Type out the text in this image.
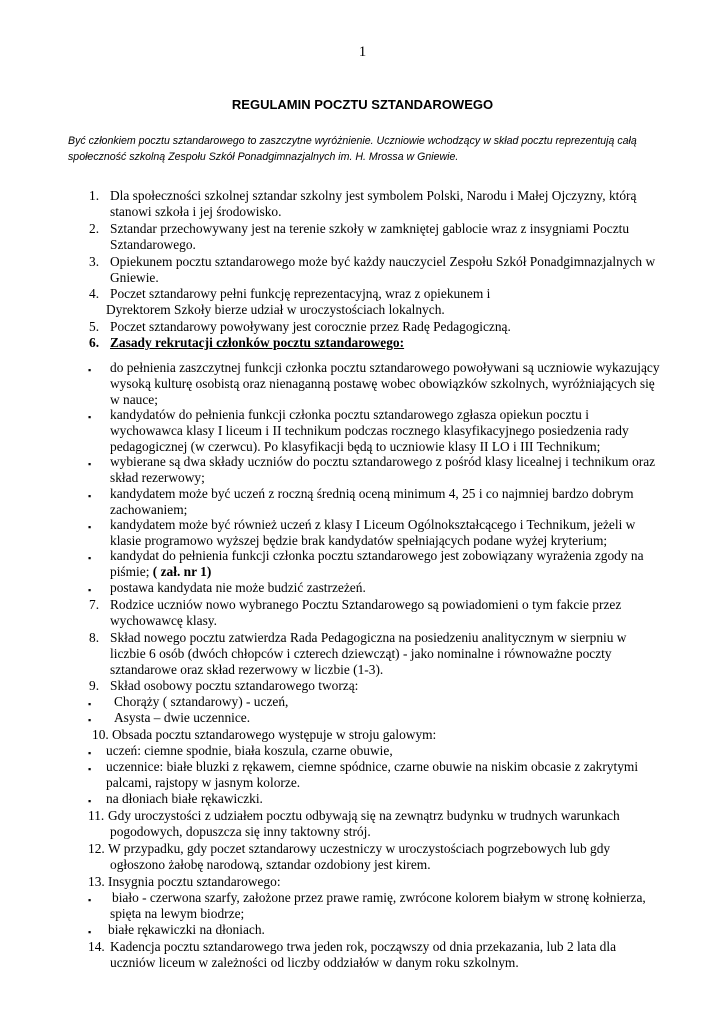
1
REGULAMIN POCZTU SZTANDAROWEGO
Być członkiem pocztu sztandarowego to zaszczytne wyróżnienie. Uczniowie wchodzący w skład pocztu reprezentują całą
społeczność szkolną Zespołu Szkół Ponadgimnazjalnych im. H. Mrossa w Gniewie.
1. Dla społeczności szkolnej sztandar szkolny jest symbolem Polski, Narodu i Małej Ojczyzny, którą
stanowi szkoła i jej środowisko.
2. Sztandar przechowywany jest na terenie szkoły w zamkniętej gablocie wraz z insygniami Pocztu
Sztandarowego.
3. Opiekunem pocztu sztandarowego może być każdy nauczyciel Zespołu Szkół Ponadgimnazjalnych w
Gniewie.
4. Poczet sztandarowy pełni funkcję reprezentacyjną, wraz z opiekunem i
Dyrektorem Szkoły bierze udział w uroczystościach lokalnych.
5. Poczet sztandarowy powoływany jest corocznie przez Radę Pedagogiczną.
6. Zasady rekrutacji członków pocztu sztandarowego:
▪ do pełnienia zaszczytnej funkcji członka pocztu sztandarowego powoływani są uczniowie wykazujący
wysoką kulturę osobistą oraz nienaganną postawę wobec obowiązków szkolnych, wyróżniających się
w nauce;
▪ kandydatów do pełnienia funkcji członka pocztu sztandarowego zgłasza opiekun pocztu i
wychowawca klasy I liceum i II technikum podczas rocznego klasyfikacyjnego posiedzenia rady
pedagogicznej (w czerwcu). Po klasyfikacji będą to uczniowie klasy II LO i III Technikum;
▪ wybierane są dwa składy uczniów do pocztu sztandarowego z pośród klasy licealnej i technikum oraz
skład rezerwowy;
▪ kandydatem może być uczeń z roczną średnią oceną minimum 4, 25 i co najmniej bardzo dobrym
zachowaniem;
▪ kandydatem może być również uczeń z klasy I Liceum Ogólnokształcącego i Technikum, jeżeli w
klasie programowo wyższej będzie brak kandydatów spełniających podane wyżej kryterium;
▪ kandydat do pełnienia funkcji członka pocztu sztandarowego jest zobowiązany wyrażenia zgody na
piśmie; ( zał. nr 1)
▪ postawa kandydata nie może budzić zastrzeżeń.
7. Rodzice uczniów nowo wybranego Pocztu Sztandarowego są powiadomieni o tym fakcie przez
wychowawcę klasy.
8. Skład nowego pocztu zatwierdza Rada Pedagogiczna na posiedzeniu analitycznym w sierpniu w
liczbie 6 osób (dwóch chłopców i czterech dziewcząt) - jako nominalne i równoważne poczty
sztandarowe oraz skład rezerwowy w liczbie (1-3).
9. Skład osobowy pocztu sztandarowego tworzą:
▪ Chorąży ( sztandarowy) - uczeń,
▪ Asysta – dwie uczennice.
10. Obsada pocztu sztandarowego występuje w stroju galowym:
▪ uczeń: ciemne spodnie, biała koszula, czarne obuwie,
▪ uczennice: białe bluzki z rękawem, ciemne spódnice, czarne obuwie na niskim obcasie z zakrytymi
palcami, rajstopy w jasnym kolorze.
▪ na dłoniach białe rękawiczki.
11. Gdy uroczystości z udziałem pocztu odbywają się na zewnątrz budynku w trudnych warunkach
pogodowych, dopuszcza się inny taktowny strój.
12. W przypadku, gdy poczet sztandarowy uczestniczy w uroczystościach pogrzebowych lub gdy
ogłoszono żałobę narodową, sztandar ozdobiony jest kirem.
13. Insygnia pocztu sztandarowego:
▪ biało - czerwona szarfy, założone przez prawe ramię, zwrócone kolorem białym w stronę kołnierza,
spięta na lewym biodrze;
▪ białe rękawiczki na dłoniach.
14. Kadencja pocztu sztandarowego trwa jeden rok, począwszy od dnia przekazania, lub 2 lata dla
uczniów liceum w zależności od liczby oddziałów w danym roku szkolnym.
